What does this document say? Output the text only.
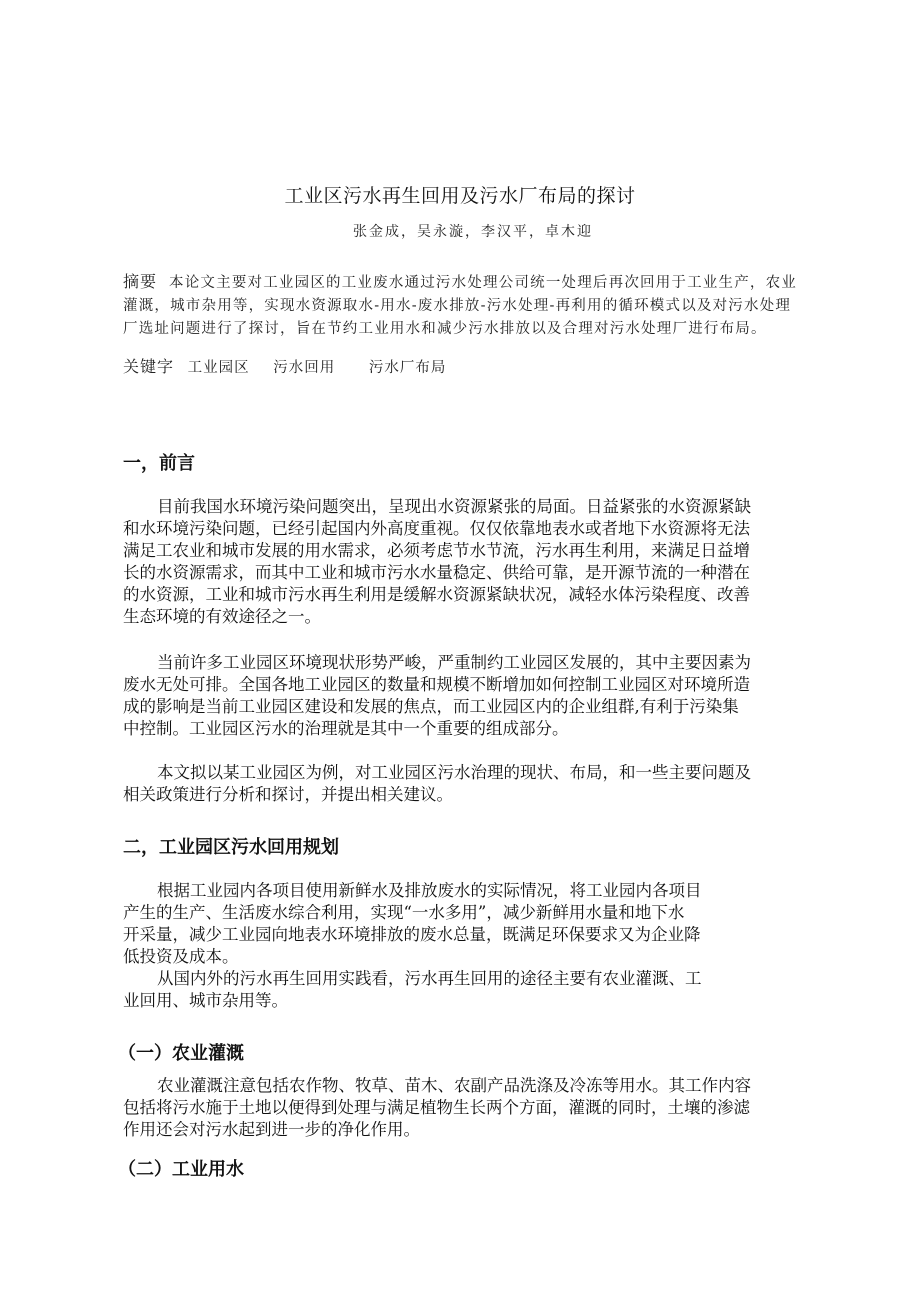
工业区污水再生回用及污水厂布局的探讨
张金成，吴永漩，李汉平，卓木迎
摘要 本论文主要对工业园区的工业废水通过污水处理公司统一处理后再次回用于工业生产，农业
灌溉，城市杂用等，实现水资源取水-用水-废水排放-污水处理-再利用的循环模式以及对污水处理
厂选址问题进行了探讨，旨在节约工业用水和减少污水排放以及合理对污水处理厂进行布局。
关键字 工业园区 污水回用 污水厂布局
一，前言
目前我国水环境污染问题突出，呈现出水资源紧张的局面。日益紧张的水资源紧缺
和水环境污染问题，已经引起国内外高度重视。仅仅依靠地表水或者地下水资源将无法
满足工农业和城市发展的用水需求，必须考虑节水节流，污水再生利用，来满足日益增
长的水资源需求，而其中工业和城市污水水量稳定、供给可靠，是开源节流的一种潜在
的水资源，工业和城市污水再生利用是缓解水资源紧缺状况，减轻水体污染程度、改善
生态环境的有效途径之一。
当前许多工业园区环境现状形势严峻，严重制约工业园区发展的，其中主要因素为
废水无处可排。全国各地工业园区的数量和规模不断增加如何控制工业园区对环境所造
成的影响是当前工业园区建设和发展的焦点，而工业园区内的企业组群,有利于污染集
中控制。工业园区污水的治理就是其中一个重要的组成部分。
本文拟以某工业园区为例，对工业园区污水治理的现状、布局，和一些主要问题及
相关政策进行分析和探讨，并提出相关建议。
二，工业园区污水回用规划
根据工业园内各项目使用新鲜水及排放废水的实际情况，将工业园内各项目
产生的生产、生活废水综合利用，实现“一水多用”，减少新鲜用水量和地下水
开采量，减少工业园向地表水环境排放的废水总量，既满足环保要求又为企业降
低投资及成本。
从国内外的污水再生回用实践看，污水再生回用的途径主要有农业灌溉、工
业回用、城市杂用等。
（一）农业灌溉
农业灌溉注意包括农作物、牧草、苗木、农副产品洗涤及冷冻等用水。其工作内容
包括将污水施于土地以便得到处理与满足植物生长两个方面，灌溉的同时，土壤的渗滤
作用还会对污水起到进一步的净化作用。
（二）工业用水
